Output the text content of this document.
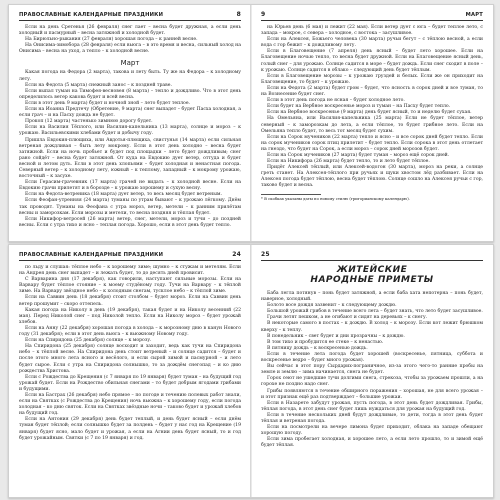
ПРАВОСЛАВНЫЕ КАЛЕНДАРНЫЕ ПРАЗДНИКИ	8

Если на день Сретенья (26 февраля) снег лает – весна будет дружная, а если день холодный и пасмурный – весна затяжной и холодной будет.

На Бирюльно-рыкания (27 февраля) хорошая погода – к ранней весне.

На Онисима-зимобора (28 февраля) если вьюга – в это время и весна, сильный холод на Онисима – весна на уход, а тепло – к холодной весне.

Март

Какая погода на Федора (2 марта), такова и лету быть. Ту же на Федора – к холодному лету.

Если на Федота (5 марта) снежный занос – к поздней траве.

Если выпал туман на Тимофея-весновея (8 марта) – тепло и дождливо. Что в этот день определилось ветер какова будет и всей весна.

Если в этот день 9 марта) будет и ночной зной – лето будет теплое.

Если на Иоанна Предтечу (Обретение, 9 марта) снег выпадет – будет Пасха холодная, а если грач – и на Пасху дождь не будет.

Прокоп (12 марта) частенько зимнюю дорогу будет.

Если на Василия Тёплого, или Василия-капельника (13 марта), солнце и мороз – к урожаю. Васильевскими хлебами будет и добычу году.

Пришла Евдокия-плющиха, или Авдотья-плющиха, свистунья (14 марта) если сильная ветреная дождливая – быть лету мокрому. Если в этот день холодно – весна будет затяжной. Если на ночь пробьет и будет под площадки – лето будет дождливым; снег рано сойдёт – весна будет затяжной. От куда на Евдокию дует ветер, оттуда и будет весной и летом дуть. Если в этот день хлопьями – будет холодная и ненастная погода. Северный ветер – к холодному лету, южный – к теплому, западный – к мокрому урожаю, восточный – к засухе.

Если Герасим-грачевник (17 марта) грачей не видать – к холодной весне. Если на Евдокию грачи прилетят и в борозде – к урожаю хорошему и сухую весну.

Если на Федота-ветреника (18 марта) дует ветер, то весь месяц будет ветреным.

Если Феофан-утренняя (24 марта) туманы по утрам бывают – к урожаю лёгкому. Днём так проводят. Туманы на Феофана с утра мороз, ветер, метели – к ранним прилётам весны и заморозкам. Если морозы и метели, то весна поздняя и тёплая будет.

Если Никифор-ветросей (26 марта) ветер, снег, метели, мороз и тучи – до поздней весны. Если с утра тихо и ясно – теплая погода. Хорошо, если в этот день будет тепло.

9	МАРТ

на Юрьев день (6 мая) и лежит (22 мая). Если ветер дует с юга – будет теплое лето, с запада – мокрое, с севера – холодное, с востока – засушливое.

Если на Алексея, Божьего человека (30 марта) ручьи бегут – с тёплою весной, а если вода с гор бежит – к дождливому лету.

Если в Благовещение (7 апреля) день ясный – будет лето хорошее. Если на Благовещение ночью тепло, то весна будет дружной. Если на Благовещение ясный день, голый снег – для урожаю. Солнце садится в море – будет дождь. Если снег сходит в поле – к урожаю. Солнце садится в облако – следующий день будет тёплым.

Если в Благовещение морозы – к урожаю груздей и белых. Если же он приходит на Благовещение, то будет – к урожаю.

Если на Федота (2 марта) будет гром – будет, что ясность в сорок дней и все туман, то на Вознесение будет снег.

Если в этот день погода не ясная – будет холодное лето.

Если будет на Вербное воскресенье мороз и туман – на Пасху будет тепло.

Если на Вербное воскресенье (9 марта) день будет ясный, то и неделю будет сухая.

На Омельяна, или Василия-капельника (25 марта) Если не будет тёплое, ветер северный – к заморозкам до лета, а если тёплое, то будет грибное лето. Если на Омельяна тепло будет, то весь тот месяц будет сухим.

Если на Сорок мучеников (22 марта) тепло и ясно – и все сорок дней будет тепло. Если на сорок мучеников сорок птиц прилетит – будет тепло. Если сорока в этот день отлетает на гнездо, что будет на Сорок, а если мороз – сорок дней морозов будет.

Если на Сорок мучеников (27 марта) будет туман – мороз ещё сорок дней.

Если на Никифора (26 марта) будет тепло, то и лето будет тёплое.

Придёт Алексей тёплый, или Алексей-водогон (30 марта), мороз на реки, а солнце греть станет. На Алексея-тёплого при ручьях и щуки хвостом лёд разбивает. Если на Алексея погода будет тёплою, весна будет тёплою. Солнце сошло на Алексея ручьи с гор, таково будет и весна.

* В скобках указаны даты по новому стилю (григорианскому календарю).

ПРАВОСЛАВНЫЕ КАЛЕНДАРНЫЕ ПРАЗДНИКИ	24

по льду и слушая: тёплое небо – к хорошему зиме; шумно – к стужам и метелям. Если на Андрея день снег выпадет – и лежать будет, то до десять дней провисит.

С Варварина дня (17 декабря), как говорили, наступают сильные морозы. Если на Варвару будет тёплое стояние – к моему студёному году. Тучи на Варвару – к тёплой зиме. На Варвару звёздное небо – к холодным снегам, тусклое небо – к тёплой зиме.

Если на Саввин день (18 декабря) стоит столбом – будет мороз. Если на Саввин день ветер прошумит – скоро оттепель.

Какая погода на Николу в день (19 декабря), такая будет и на Николу весенний (22 мая). Перед Николой снег – под Николой тепло. Если на Николу мороз – будет урожай хлебов.

Если на Анну (22 декабря) хорошая погода в холода – к морозному дню в канун Нового году (31 декабря); если в этот день вьюга – к вьюжному Новому году.

Если на Спиридона (25 декабря) солнце – к морозу.

На Спиридона (25 декабря) солнце восходит и заходит, ведь как тучи на Спиридона небо – к тёплой весне. На Спиридона день стоит ветреный – и солнце садится – будет и после этого много лета ясного и весёлого, и если сырой зимой и пасмурной – и лето будет сырое. Если с утра на Спиридона солнышко, то за дождём снегопад – и ко дню рождества Христова.

Если с Рождества до Крещения (с 7 января по 19 января) будет туман – на будущий год урожай будет. Если на Рождество обильная снегами – то будет добрым ягодами грибами и будущими.

Если на Бастрах (26 декабря) небо прямое – по погоде и течению полевых работ знали, если на Святках (с Рождества до Крещения) ночь вьюжна – к хорошему году, если погода холодная – ко дню святок. Если на Святках звёздные ночи – таково будет и урожай хлебов на будущий год.

Если на Антония (29 декабря) день будет теплый, и день будет ясный – если днём туман будет тёплой; если солнышко будет за полдень – будет у нас год на Крещение (19 января) будет ясно, мало будет и урожая, а если на Агнии день будет ясный, то и год будет урожайным. Святки (с 7 по 19 января) и год.

25
ЖИТЕЙСКИЕ
НАРОДНЫЕ ПРИМЕТЫ

Баба легла потянув – понь будет затяжной, а если баба хата непотерна – понь будет, наверное, холодный.

Болото восе дождя зазвенит – к следующему дождю.

Большой урожай грибов в течение всего лета – будет знать, что лето будет засушливое.

Грачи летят пешком, а не огибают и сидят на деревьях – к снегу.

В некоторые самого в постах – к дождю. В холод – к морозу. Если кот лежит брюшком кверху – к теплу.

В понедельник – свет будет и дни прозрачны – к дождю.

В том тихо и пробудится ее стеке – к ненастью.

В пятницу дождь – к воскресенью дождь.

Если в течение лета погода будет хорошей (воскресенье, пятница, суббота и воскресенье ведро – будет много урожая).

Вы сейчас в этот пору Сырдарих-пограничное, из-за этого чего-то ранние пробы на земле и землю – зима начинается, снега не будет.

Горох сеют не ушедшие тучи долгими снега, стрекоза, чтобы за урожаем прошли, а на горохе не поздно надо снег.

Грибы появляются в течение обширного поражения – хорошая, не для всего урожая – и этот признак ещё раз подтверждает – большие урожаи.

Если в Назарете забудут урожая, пусть погода, в этот день будет дождливая. Грибы, тёплая погода, в этот день снег будет лишь нуждаться для урожая на будущий год.

Если в течение нескольких дней будут дождливые, то дети, тогда в этот день будет тёплая и ветреная погода.

Если на посмотрели на вечере лимона будет приходит, облака на западе обещают хорошую погоду.

Если зима пробегает холодная, и хорошее лето, а если лето прошло, то и зимой ещё будет тёплая.
